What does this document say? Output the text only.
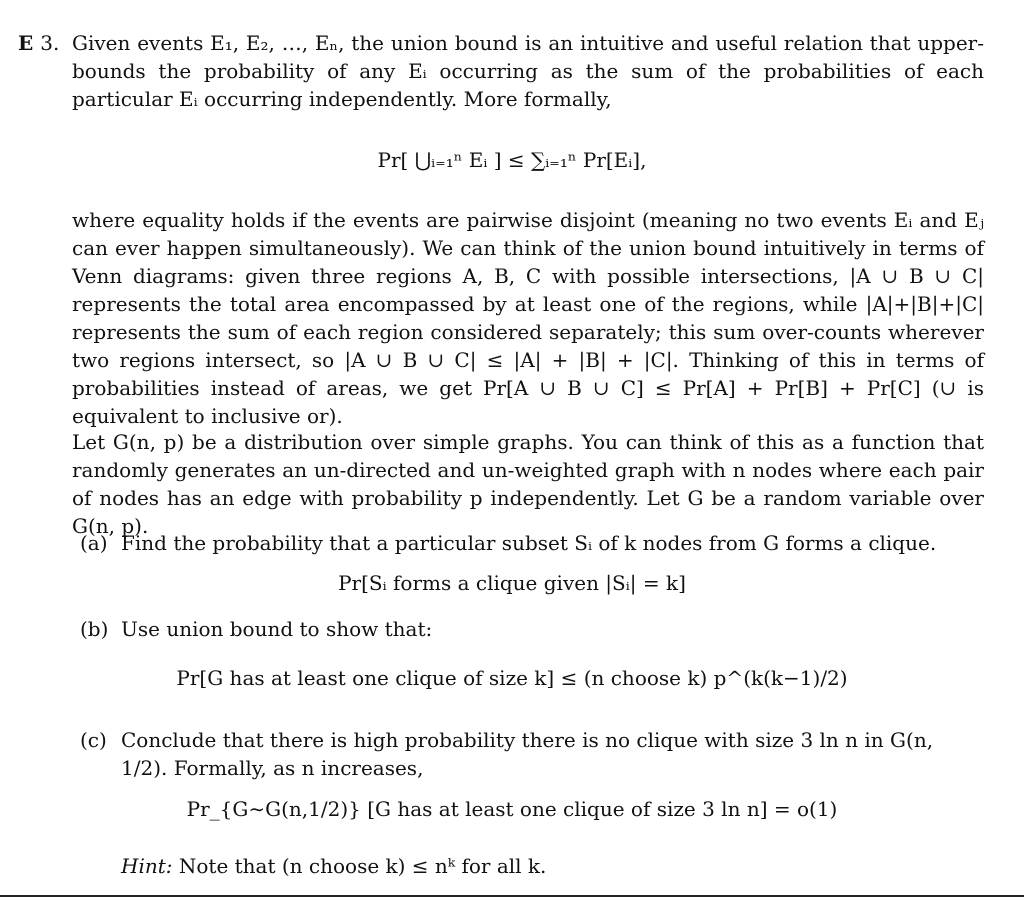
E 3. Given events E₁, E₂, …, Eₙ, the union bound is an intuitive and useful relation that upper-bounds the probability of any Eᵢ occurring as the sum of the probabilities of each particular Eᵢ occurring independently. More formally,
Pr[ ⋃ᵢ₌₁ⁿ Eᵢ ] ≤ ∑ᵢ₌₁ⁿ Pr[Eᵢ],
where equality holds if the events are pairwise disjoint (meaning no two events Eᵢ and Eⱼ can ever happen simultaneously). We can think of the union bound intuitively in terms of Venn diagrams: given three regions A, B, C with possible intersections, |A ∪ B ∪ C| represents the total area encompassed by at least one of the regions, while |A|+|B|+|C| represents the sum of each region considered separately; this sum over-counts wherever two regions intersect, so |A ∪ B ∪ C| ≤ |A| + |B| + |C|. Thinking of this in terms of probabilities instead of areas, we get Pr[A ∪ B ∪ C] ≤ Pr[A] + Pr[B] + Pr[C] (∪ is equivalent to inclusive or).
Let G(n, p) be a distribution over simple graphs. You can think of this as a function that randomly generates an un-directed and un-weighted graph with n nodes where each pair of nodes has an edge with probability p independently. Let G be a random variable over G(n, p).
(a) Find the probability that a particular subset Sᵢ of k nodes from G forms a clique.
Pr[Sᵢ forms a clique given |Sᵢ| = k]
(b) Use union bound to show that:
Pr[G has at least one clique of size k] ≤ (n choose k) p^(k(k−1)/2)
(c) Conclude that there is high probability there is no clique with size 3 ln n in G(n, 1/2). Formally, as n increases,
Pr_{G∼G(n,1/2)} [G has at least one clique of size 3 ln n] = o(1)
Hint: Note that (n choose k) ≤ nᵏ for all k.
